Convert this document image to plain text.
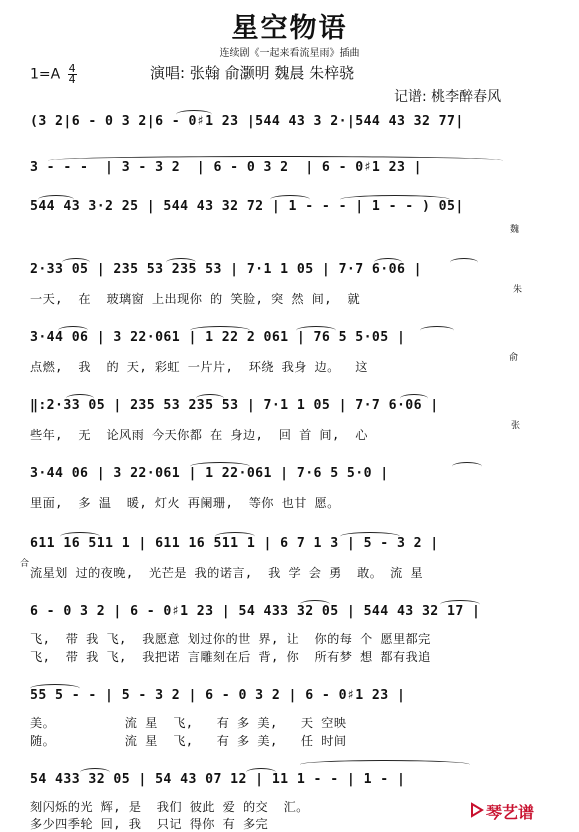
星空物语
连续剧《一起来看流星雨》插曲
$1=A \frac{4}{4}$	演唱: 张翰 俞灏明 魏晨 朱梓骁
记谱: 桃李醉春风
(3 2|6 - 0 3 2|6 - 0♯1 23 |544 43 3 2·|544 43 32 77|
3 - - -  | 3 - 3 2  | 6 - 0 3 2  | 6 - 0♯1 23 |
544 43 3·2 25 | 544 43 32 72 | 1 - - - | 1 - - ) 05|
2·33 05 | 235 53 235 53 | 7·1 1 05 | 7·7 6·06 |
一天,  在  玻璃窗 上出现你 的 笑脸, 突 然 间,  就
3·44 06 | 3 22·061 | 1 22 2 061 | 76 5 5·05 |
点燃,  我  的 天, 彩虹 一片片,  环绕 我身 边。  这
‖:2·33 05 | 235 53 235 53 | 7·1 1 05 | 7·7 6·06 |
些年,  无  论风雨 今天你都 在 身边,  回 首 间,  心
3·44 06 | 3 22·061 | 1 22·061 | 7·6 5 5·0 |
里面,  多 温  暖, 灯火 再阑珊,  等你 也甘 愿。
611 16 511 1 | 611 16 511 1 | 6 7 1 3 | 5 - 3 2 |
流星划 过的夜晚,  光芒是 我的诺言,  我 学 会 勇  敢。 流 星
6 - 0 3 2 | 6 - 0♯1 23 | 54 433 32 05 | 544 43 32 17 |
飞,  带 我 飞,  我愿意 划过你的世 界, 让  你的每 个 愿里都完
飞,  带 我 飞,  我把诺 言雕刻在后 背, 你  所有梦 想 都有我追
55 5 - - | 5 - 3 2 | 6 - 0 3 2 | 6 - 0♯1 23 |
美。         流 星  飞,   有 多 美,   天 空映
随。         流 星  飞,   有 多 美,   任 时间
54 433 32 05 | 54 43 07 12 | 11 1 - - | 1 - |
刻闪烁的光 辉, 是  我们 彼此 爱 的交  汇。
多少四季轮 回, 我  只记 得你 有 多完
魏
朱
俞
张
合
琴艺谱
